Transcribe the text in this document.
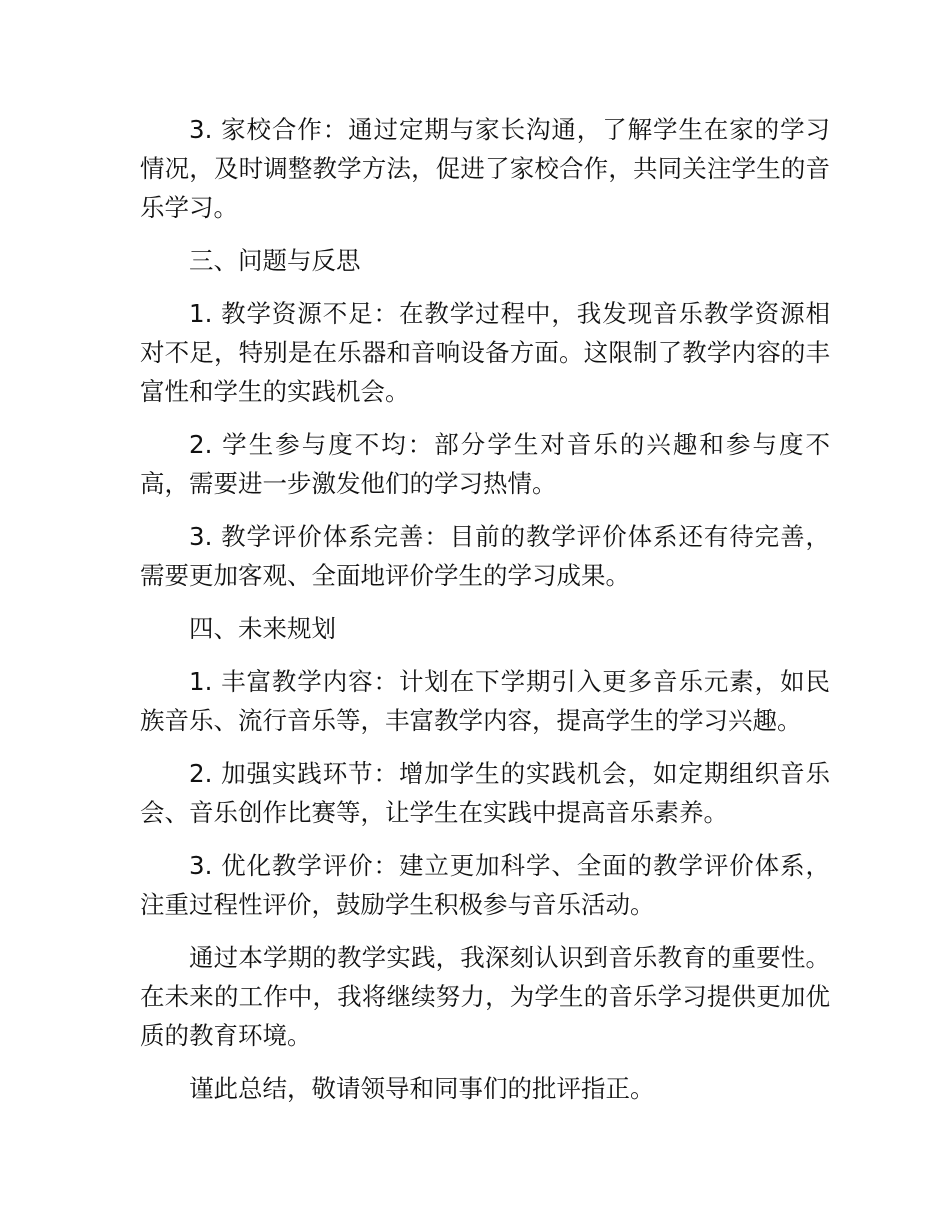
3. 家校合作：通过定期与家长沟通，了解学生在家的学习情况，及时调整教学方法，促进了家校合作，共同关注学生的音乐学习。

三、问题与反思

1. 教学资源不足：在教学过程中，我发现音乐教学资源相对不足，特别是在乐器和音响设备方面。这限制了教学内容的丰富性和学生的实践机会。

2. 学生参与度不均：部分学生对音乐的兴趣和参与度不高，需要进一步激发他们的学习热情。

3. 教学评价体系完善：目前的教学评价体系还有待完善，需要更加客观、全面地评价学生的学习成果。

四、未来规划

1. 丰富教学内容：计划在下学期引入更多音乐元素，如民族音乐、流行音乐等，丰富教学内容，提高学生的学习兴趣。

2. 加强实践环节：增加学生的实践机会，如定期组织音乐会、音乐创作比赛等，让学生在实践中提高音乐素养。

3. 优化教学评价：建立更加科学、全面的教学评价体系，注重过程性评价，鼓励学生积极参与音乐活动。

通过本学期的教学实践，我深刻认识到音乐教育的重要性。在未来的工作中，我将继续努力，为学生的音乐学习提供更加优质的教育环境。

谨此总结，敬请领导和同事们的批评指正。
